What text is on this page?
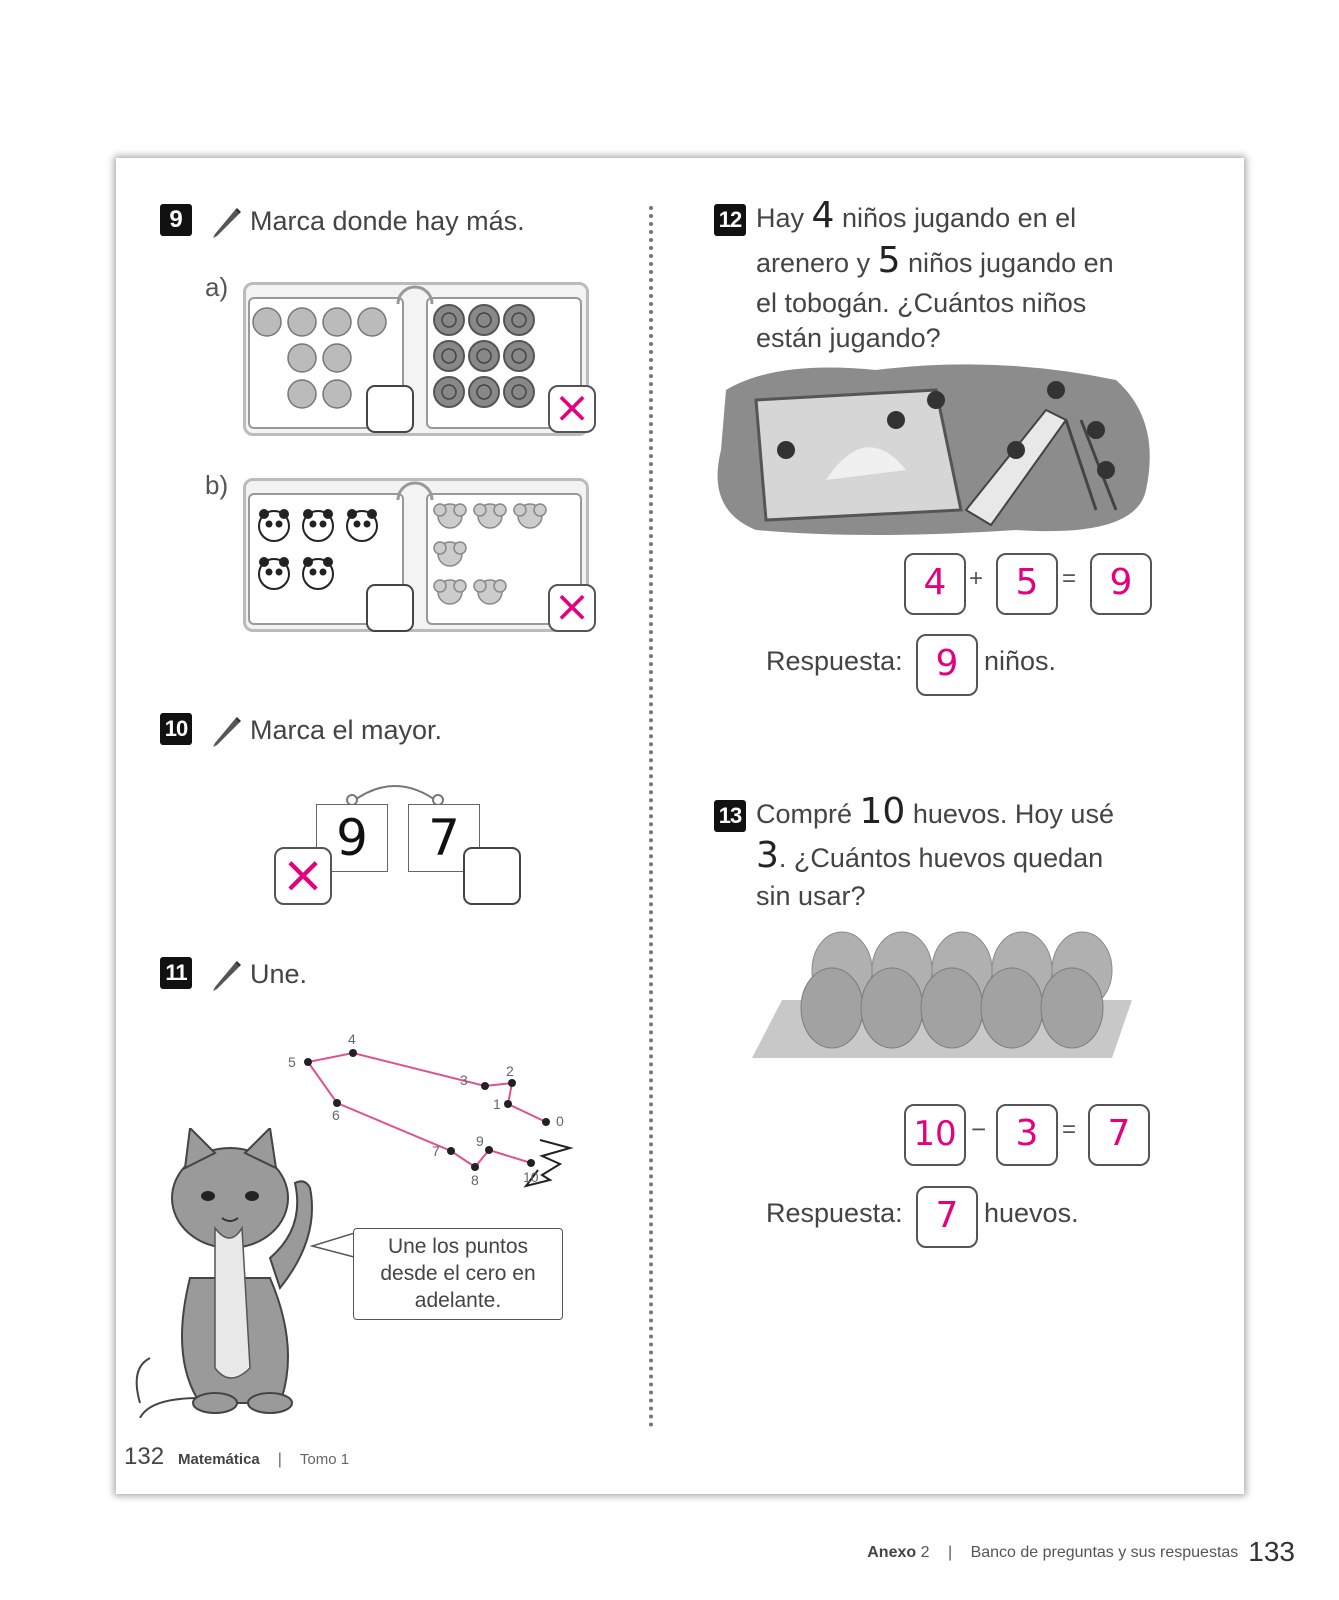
9	Marca donde hay más.
a)
×
b)
×
10 Marca el mayor.
9	7
×
11 Une.
0
1
2
3
4
5
6
7
8
9
10
Une los puntos
desde el cero en
adelante.
12 Hay 4 niños jugando en el
arenero y 5 niños jugando en
el tobogán. ¿Cuántos niños
están jugando?
4 + 5 = 9
Respuesta: 9 niños.
13 Compré 10 huevos. Hoy usé
3. ¿Cuántos huevos quedan
sin usar?
10 − 3 = 7
Respuesta: 7 huevos.
132 Matemática | Tomo 1
Anexo 2 | Banco de preguntas y sus respuestas 133
